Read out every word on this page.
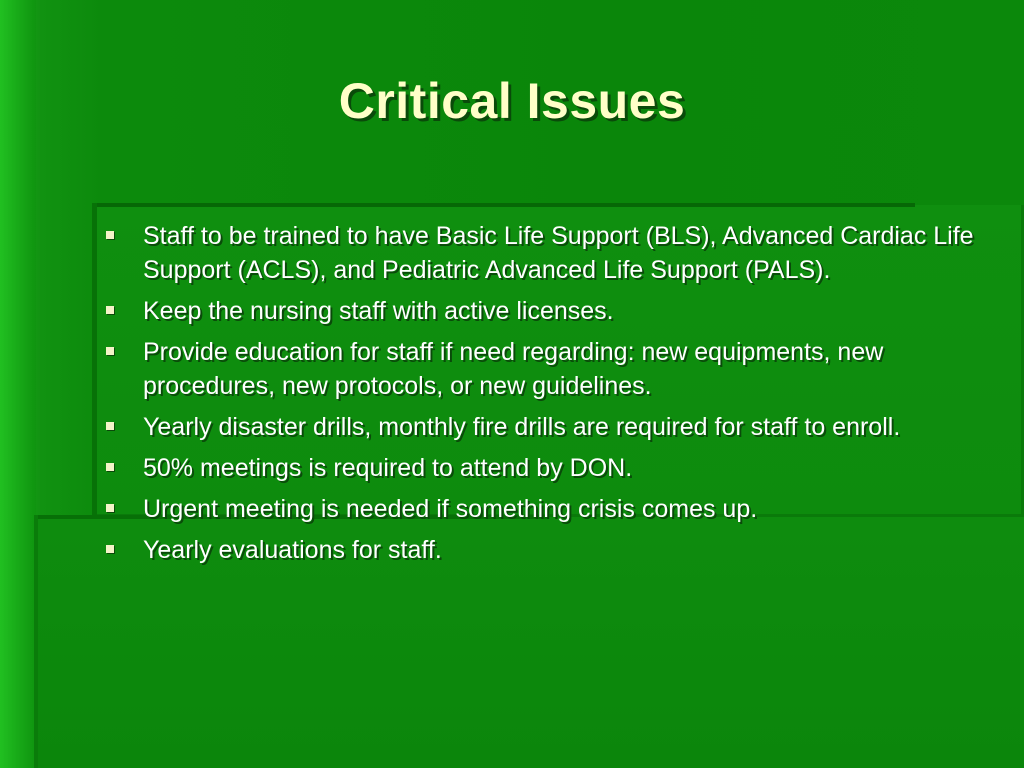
Critical Issues
Staff to be trained to have Basic Life Support (BLS), Advanced Cardiac Life Support (ACLS), and Pediatric Advanced Life Support (PALS).
Keep the nursing staff with active licenses.
Provide education for staff if need regarding: new equipments, new procedures, new protocols, or new guidelines.
Yearly disaster drills, monthly fire drills are required for staff to enroll.
50% meetings is required to attend by DON.
Urgent meeting is needed if something crisis comes up.
Yearly evaluations for staff.
